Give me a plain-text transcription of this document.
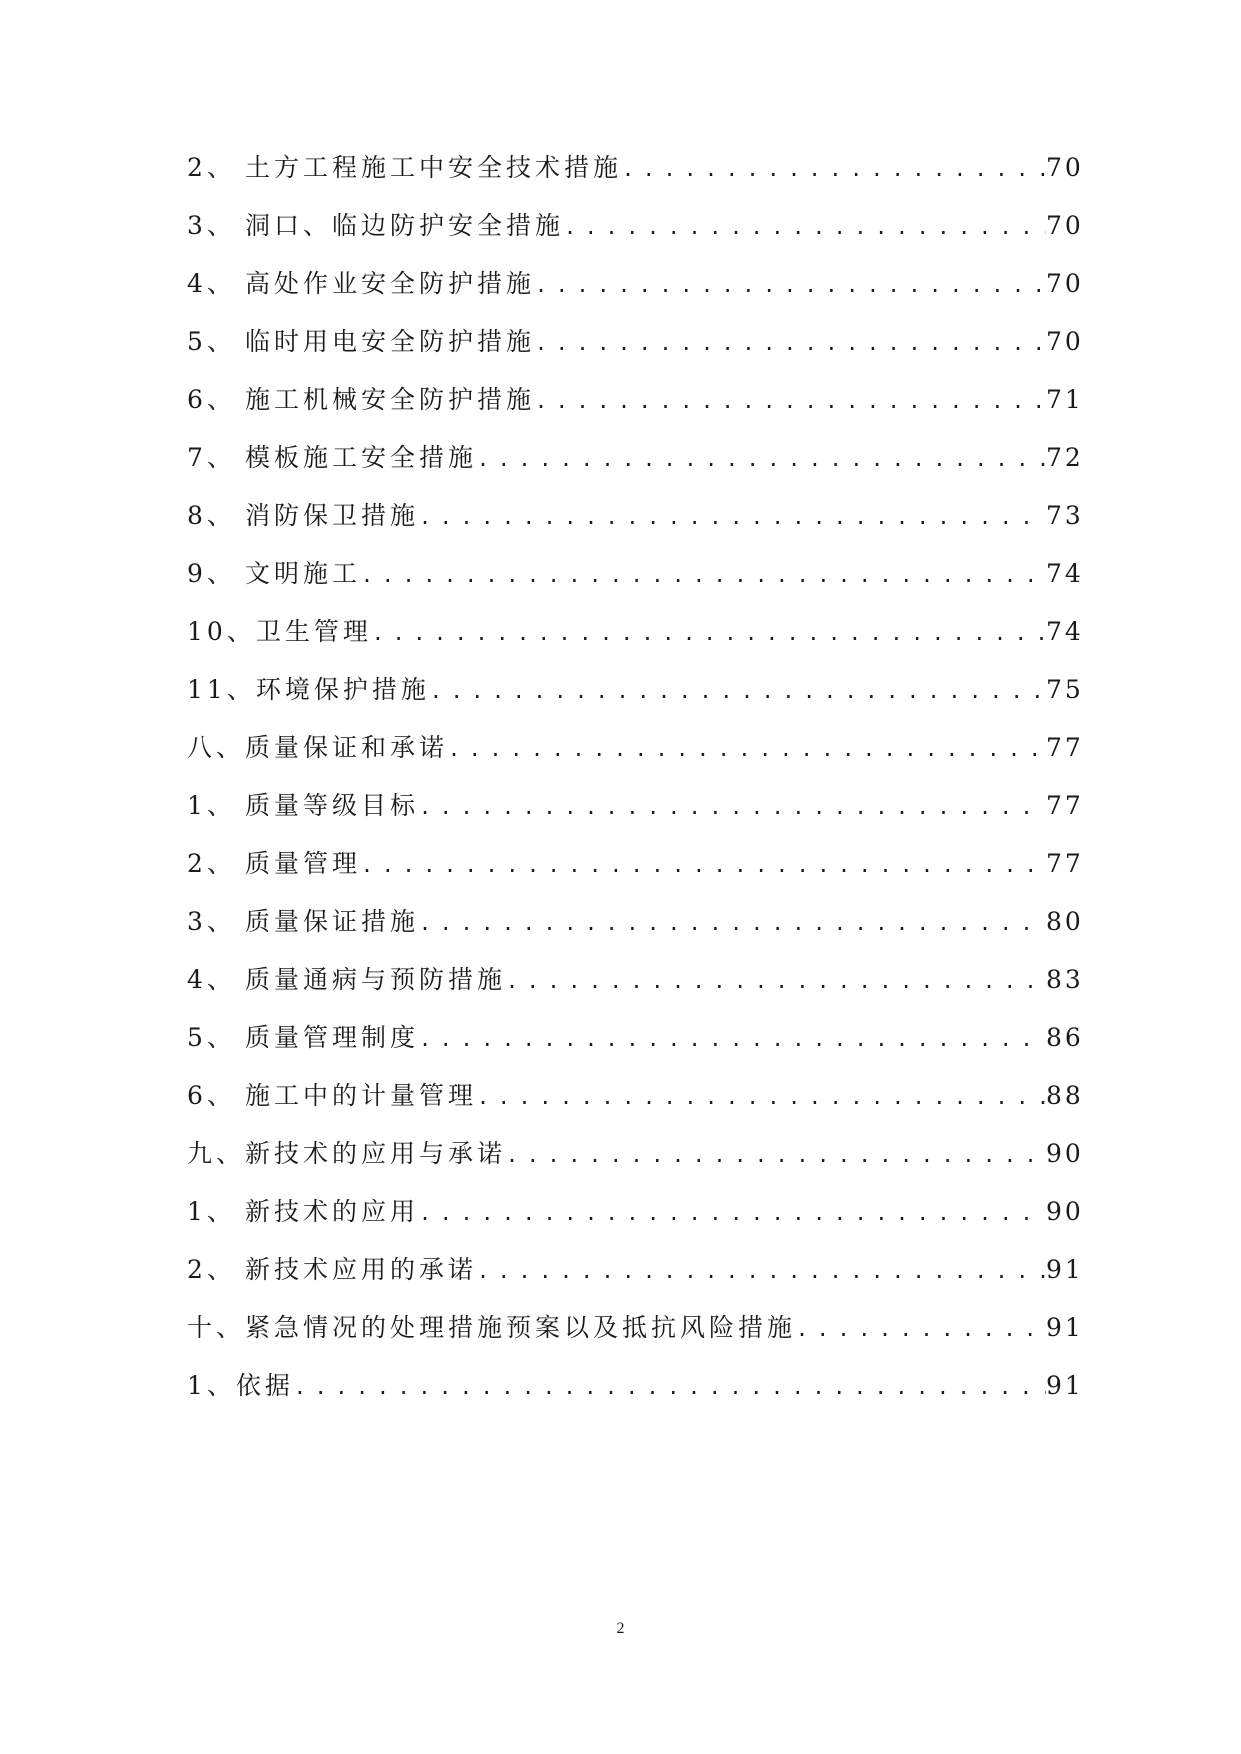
2、 土方工程施工中安全技术措施 .....	70
3、 洞口、临边防护安全措施 .....	70
4、 高处作业安全防护措施 .....	70
5、 临时用电安全防护措施 .....	70
6、 施工机械安全防护措施 .....	71
7、 模板施工安全措施 .....	72
8、 消防保卫措施 .....	73
9、 文明施工 .....	74
10、 卫生管理 .....	74
11、 环境保护措施 .....	75
八、 质量保证和承诺 .....	77
1、 质量等级目标 .....	77
2、 质量管理 .....	77
3、 质量保证措施 .....	80
4、 质量通病与预防措施 .....	83
5、 质量管理制度 .....	86
6、 施工中的计量管理 .....	88
九、 新技术的应用与承诺 .....	90
1、 新技术的应用 .....	90
2、 新技术应用的承诺 .....	91
十、 紧急情况的处理措施预案以及抵抗风险措施 .....	91
1、 依据 .....	91
2
